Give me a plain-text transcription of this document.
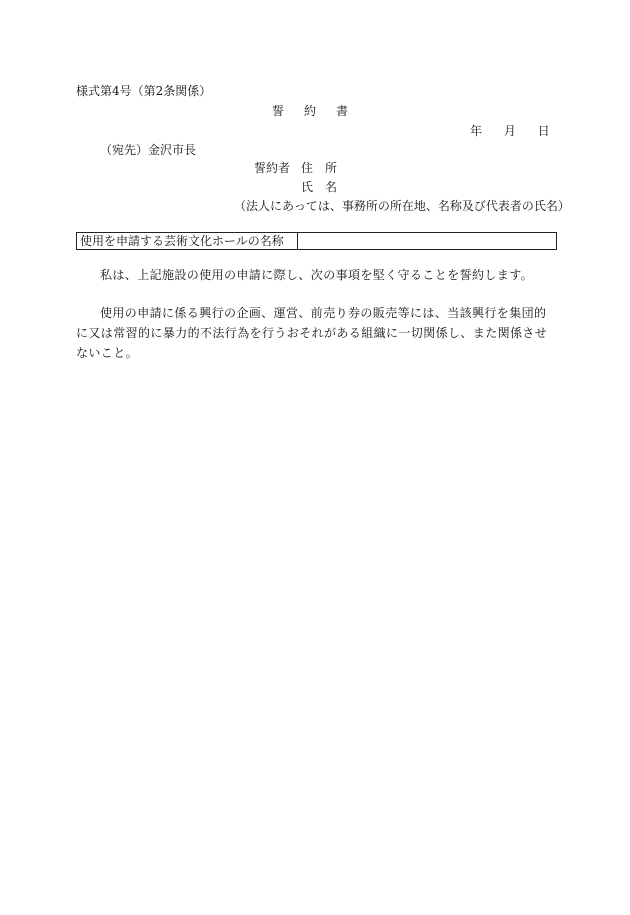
様式第4号（第2条関係）
誓約書
年 月 日
（宛先）金沢市長
誓約者 住　所
氏　名
（法人にあっては、事務所の所在地、名称及び代表者の氏名）
使用を申請する芸術文化ホールの名称
私は、上記施設の使用の申請に際し、次の事項を堅く守ることを誓約します。
使用の申請に係る興行の企画、運営、前売り券の販売等には、当該興行を集団的に又は常習的に暴力的不法行為を行うおそれがある組織に一切関係し、また関係させないこと。
